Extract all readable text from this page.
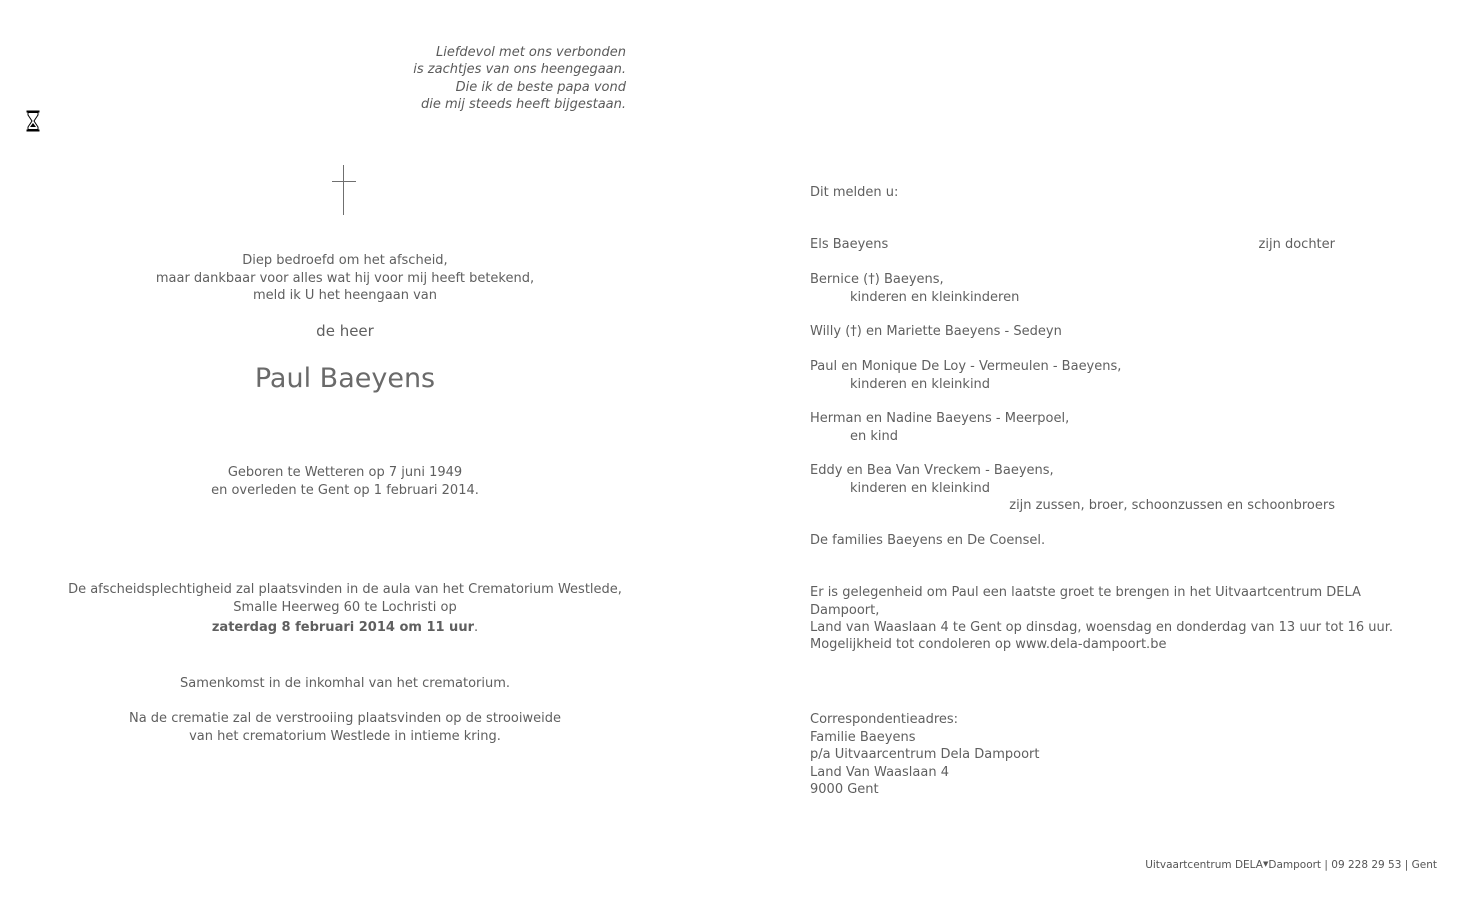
Liefdevol met ons verbonden
is zachtjes van ons heengegaan.
Die ik de beste papa vond
die mij steeds heeft bijgestaan.
Diep bedroefd om het afscheid,
maar dankbaar voor alles wat hij voor mij heeft betekend,
meld ik U het heengaan van
de heer
Paul Baeyens
Geboren te Wetteren op 7 juni 1949
en overleden te Gent op 1 februari 2014.
De afscheidsplechtigheid zal plaatsvinden in de aula van het Crematorium Westlede,
Smalle Heerweg 60 te Lochristi op
zaterdag 8 februari 2014 om 11 uur.
Samenkomst in de inkomhal van het crematorium.
Na de crematie zal de verstrooiing plaatsvinden op de strooiweide
van het crematorium Westlede in intieme kring.
Dit melden u:
Els Baeyens	zijn dochter
Bernice (†) Baeyens,
kinderen en kleinkinderen
Willy (†) en Mariette Baeyens - Sedeyn
Paul en Monique De Loy - Vermeulen - Baeyens,
kinderen en kleinkind
Herman en Nadine Baeyens - Meerpoel,
en kind
Eddy en Bea Van Vreckem - Baeyens,
kinderen en kleinkind
zijn zussen, broer, schoonzussen en schoonbroers
De families Baeyens en De Coensel.
Er is gelegenheid om Paul een laatste groet te brengen in het Uitvaartcentrum DELA Dampoort,
Land van Waaslaan 4 te Gent op dinsdag, woensdag en donderdag van 13 uur tot 16 uur.
Mogelijkheid tot condoleren op www.dela-dampoort.be
Correspondentieadres:
Familie Baeyens
p/a Uitvaarcentrum Dela Dampoort
Land Van Waaslaan 4
9000 Gent
Uitvaartcentrum DELA▼Dampoort | 09 228 29 53 | Gent
